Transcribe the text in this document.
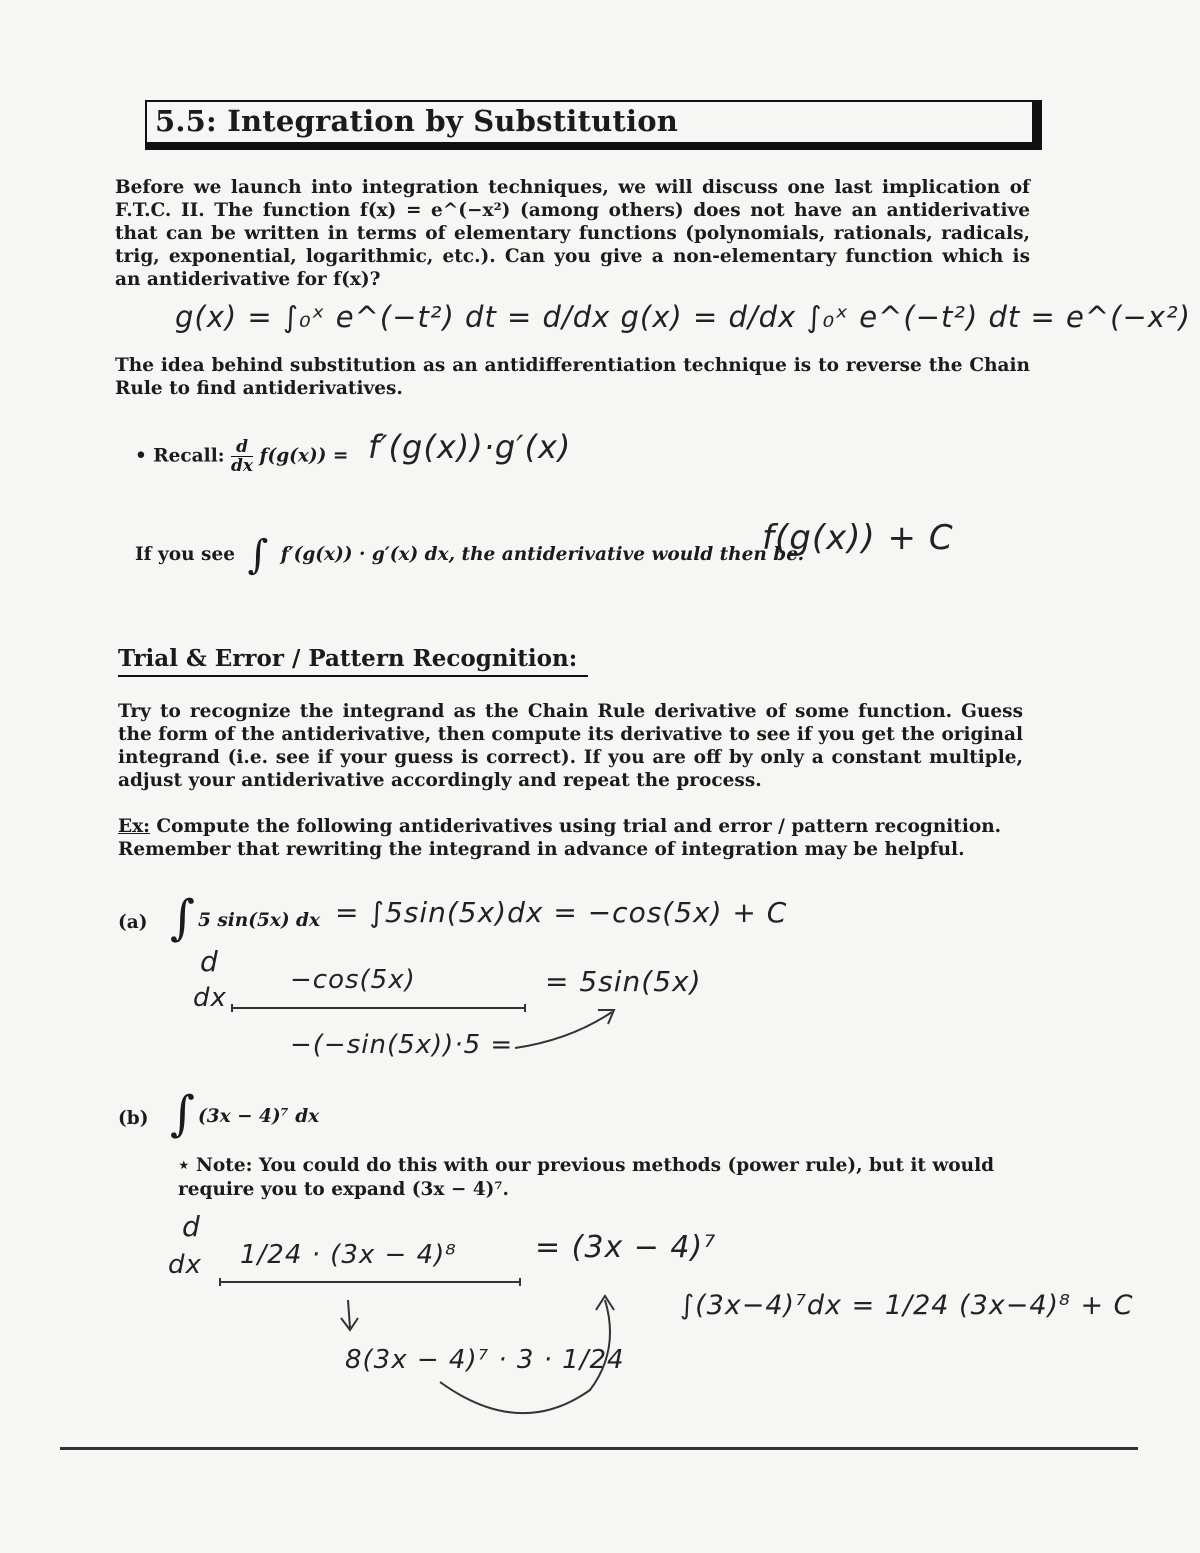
5.5: Integration by Substitution
Before we launch into integration techniques, we will discuss one last implication of F.T.C. II. The function f(x) = e^(−x²) (among others) does not have an antiderivative that can be written in terms of elementary functions (polynomials, rationals, radicals, trig, exponential, logarithmic, etc.). Can you give a non-elementary function which is an antiderivative for f(x)?
g(x) = ∫₀ˣ e^(−t²) dt = d/dx g(x) = d/dx ∫₀ˣ e^(−t²) dt = e^(−x²)
The idea behind substitution as an antidifferentiation technique is to reverse the Chain Rule to find antiderivatives.
• Recall: $\frac{d}{dx} f(g(x)) = f'(g(x))\cdot g'(x)$
If you see ∫ f′(g(x)) · g′(x) dx, the antiderivative would then be:
f(g(x)) + C
Trial & Error / Pattern Recognition:
Try to recognize the integrand as the Chain Rule derivative of some function. Guess the form of the antiderivative, then compute its derivative to see if you get the original integrand (i.e. see if your guess is correct). If you are off by only a constant multiple, adjust your antiderivative accordingly and repeat the process.
Ex: Compute the following antiderivatives using trial and error / pattern recognition. Remember that rewriting the integrand in advance of integration may be helpful.
(a) ∫ 5 sin(5x) dx = ∫5sin(5x)dx = −cos(5x) + C
d
dx
−cos(5x)	= 5sin(5x)
−(−sin(5x))·5 =
(b) ∫ (3x − 4)⁷ dx
⋆ Note: You could do this with our previous methods (power rule), but it would require you to expand (3x − 4)⁷.
d
dx 1/24 · (3x − 4)⁸	= (3x − 4)⁷
8(3x − 4)⁷ · 3 · 1/24
∫(3x−4)⁷dx = 1/24 (3x−4)⁸ + C
